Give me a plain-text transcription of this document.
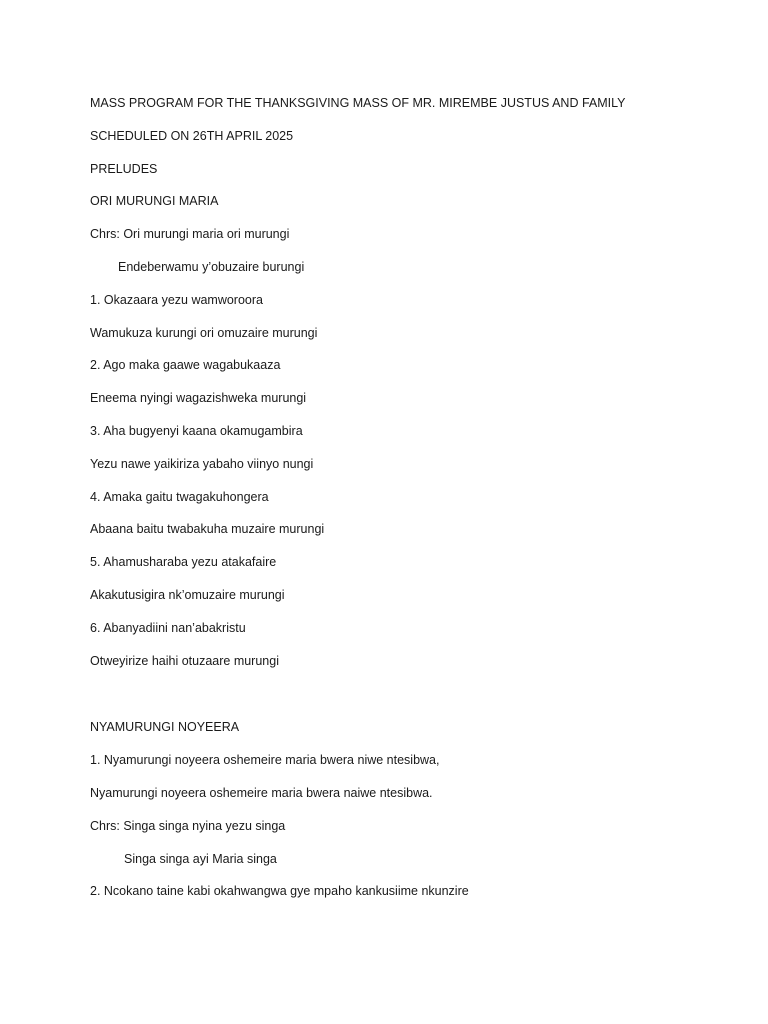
MASS PROGRAM FOR THE THANKSGIVING MASS OF MR. MIREMBE JUSTUS AND FAMILY
SCHEDULED ON 26TH APRIL 2025
PRELUDES
ORI MURUNGI MARIA
Chrs: Ori murungi maria ori murungi
Endeberwamu y’obuzaire burungi
1. Okazaara yezu wamworoora
Wamukuza kurungi ori omuzaire murungi
2. Ago maka gaawe wagabukaaza
Eneema nyingi wagazishweka murungi
3. Aha bugyenyi kaana okamugambira
Yezu nawe yaikiriza yabaho viinyo nungi
4. Amaka gaitu twagakuhongera
Abaana baitu twabakuha muzaire murungi
5. Ahamusharaba yezu atakafaire
Akakutusigira nk’omuzaire murungi
6. Abanyadiini nan’abakristu
Otweyirize haihi otuzaare murungi
NYAMURUNGI NOYEERA
1. Nyamurungi noyeera oshemeire maria bwera niwe ntesibwa,
Nyamurungi noyeera oshemeire maria bwera naiwe ntesibwa.
Chrs: Singa singa nyina yezu singa
Singa singa ayi Maria singa
2. Ncokano taine kabi okahwangwa gye mpaho kankusiime nkunzire
